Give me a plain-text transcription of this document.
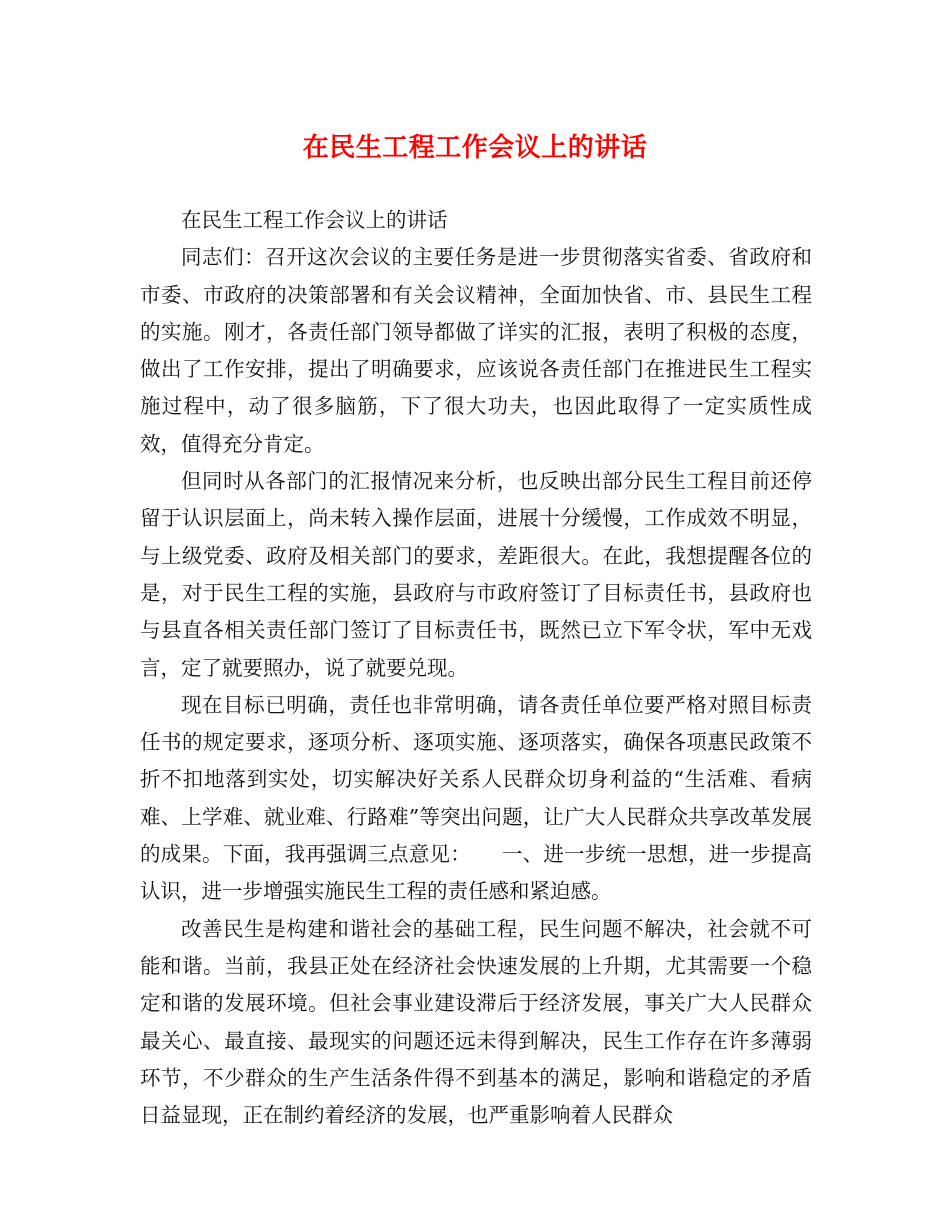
在民生工程工作会议上的讲话

在民生工程工作会议上的讲话

同志们：召开这次会议的主要任务是进一步贯彻落实省委、省政府和市委、市政府的决策部署和有关会议精神，全面加快省、市、县民生工程的实施。刚才，各责任部门领导都做了详实的汇报，表明了积极的态度，做出了工作安排，提出了明确要求，应该说各责任部门在推进民生工程实施过程中，动了很多脑筋，下了很大功夫，也因此取得了一定实质性成效，值得充分肯定。

但同时从各部门的汇报情况来分析，也反映出部分民生工程目前还停留于认识层面上，尚未转入操作层面，进展十分缓慢，工作成效不明显，与上级党委、政府及相关部门的要求，差距很大。在此，我想提醒各位的是，对于民生工程的实施，县政府与市政府签订了目标责任书，县政府也与县直各相关责任部门签订了目标责任书，既然已立下军令状，军中无戏言，定了就要照办，说了就要兑现。

现在目标已明确，责任也非常明确，请各责任单位要严格对照目标责任书的规定要求，逐项分析、逐项实施、逐项落实，确保各项惠民政策不折不扣地落到实处，切实解决好关系人民群众切身利益的“生活难、看病难、上学难、就业难、行路难”等突出问题，让广大人民群众共享改革发展的成果。下面，我再强调三点意见：　　一、进一步统一思想，进一步提高认识，进一步增强实施民生工程的责任感和紧迫感。

改善民生是构建和谐社会的基础工程，民生问题不解决，社会就不可能和谐。当前，我县正处在经济社会快速发展的上升期，尤其需要一个稳定和谐的发展环境。但社会事业建设滞后于经济发展，事关广大人民群众最关心、最直接、最现实的问题还远未得到解决，民生工作存在许多薄弱环节，不少群众的生产生活条件得不到基本的满足，影响和谐稳定的矛盾日益显现，正在制约着经济的发展，也严重影响着人民群众
